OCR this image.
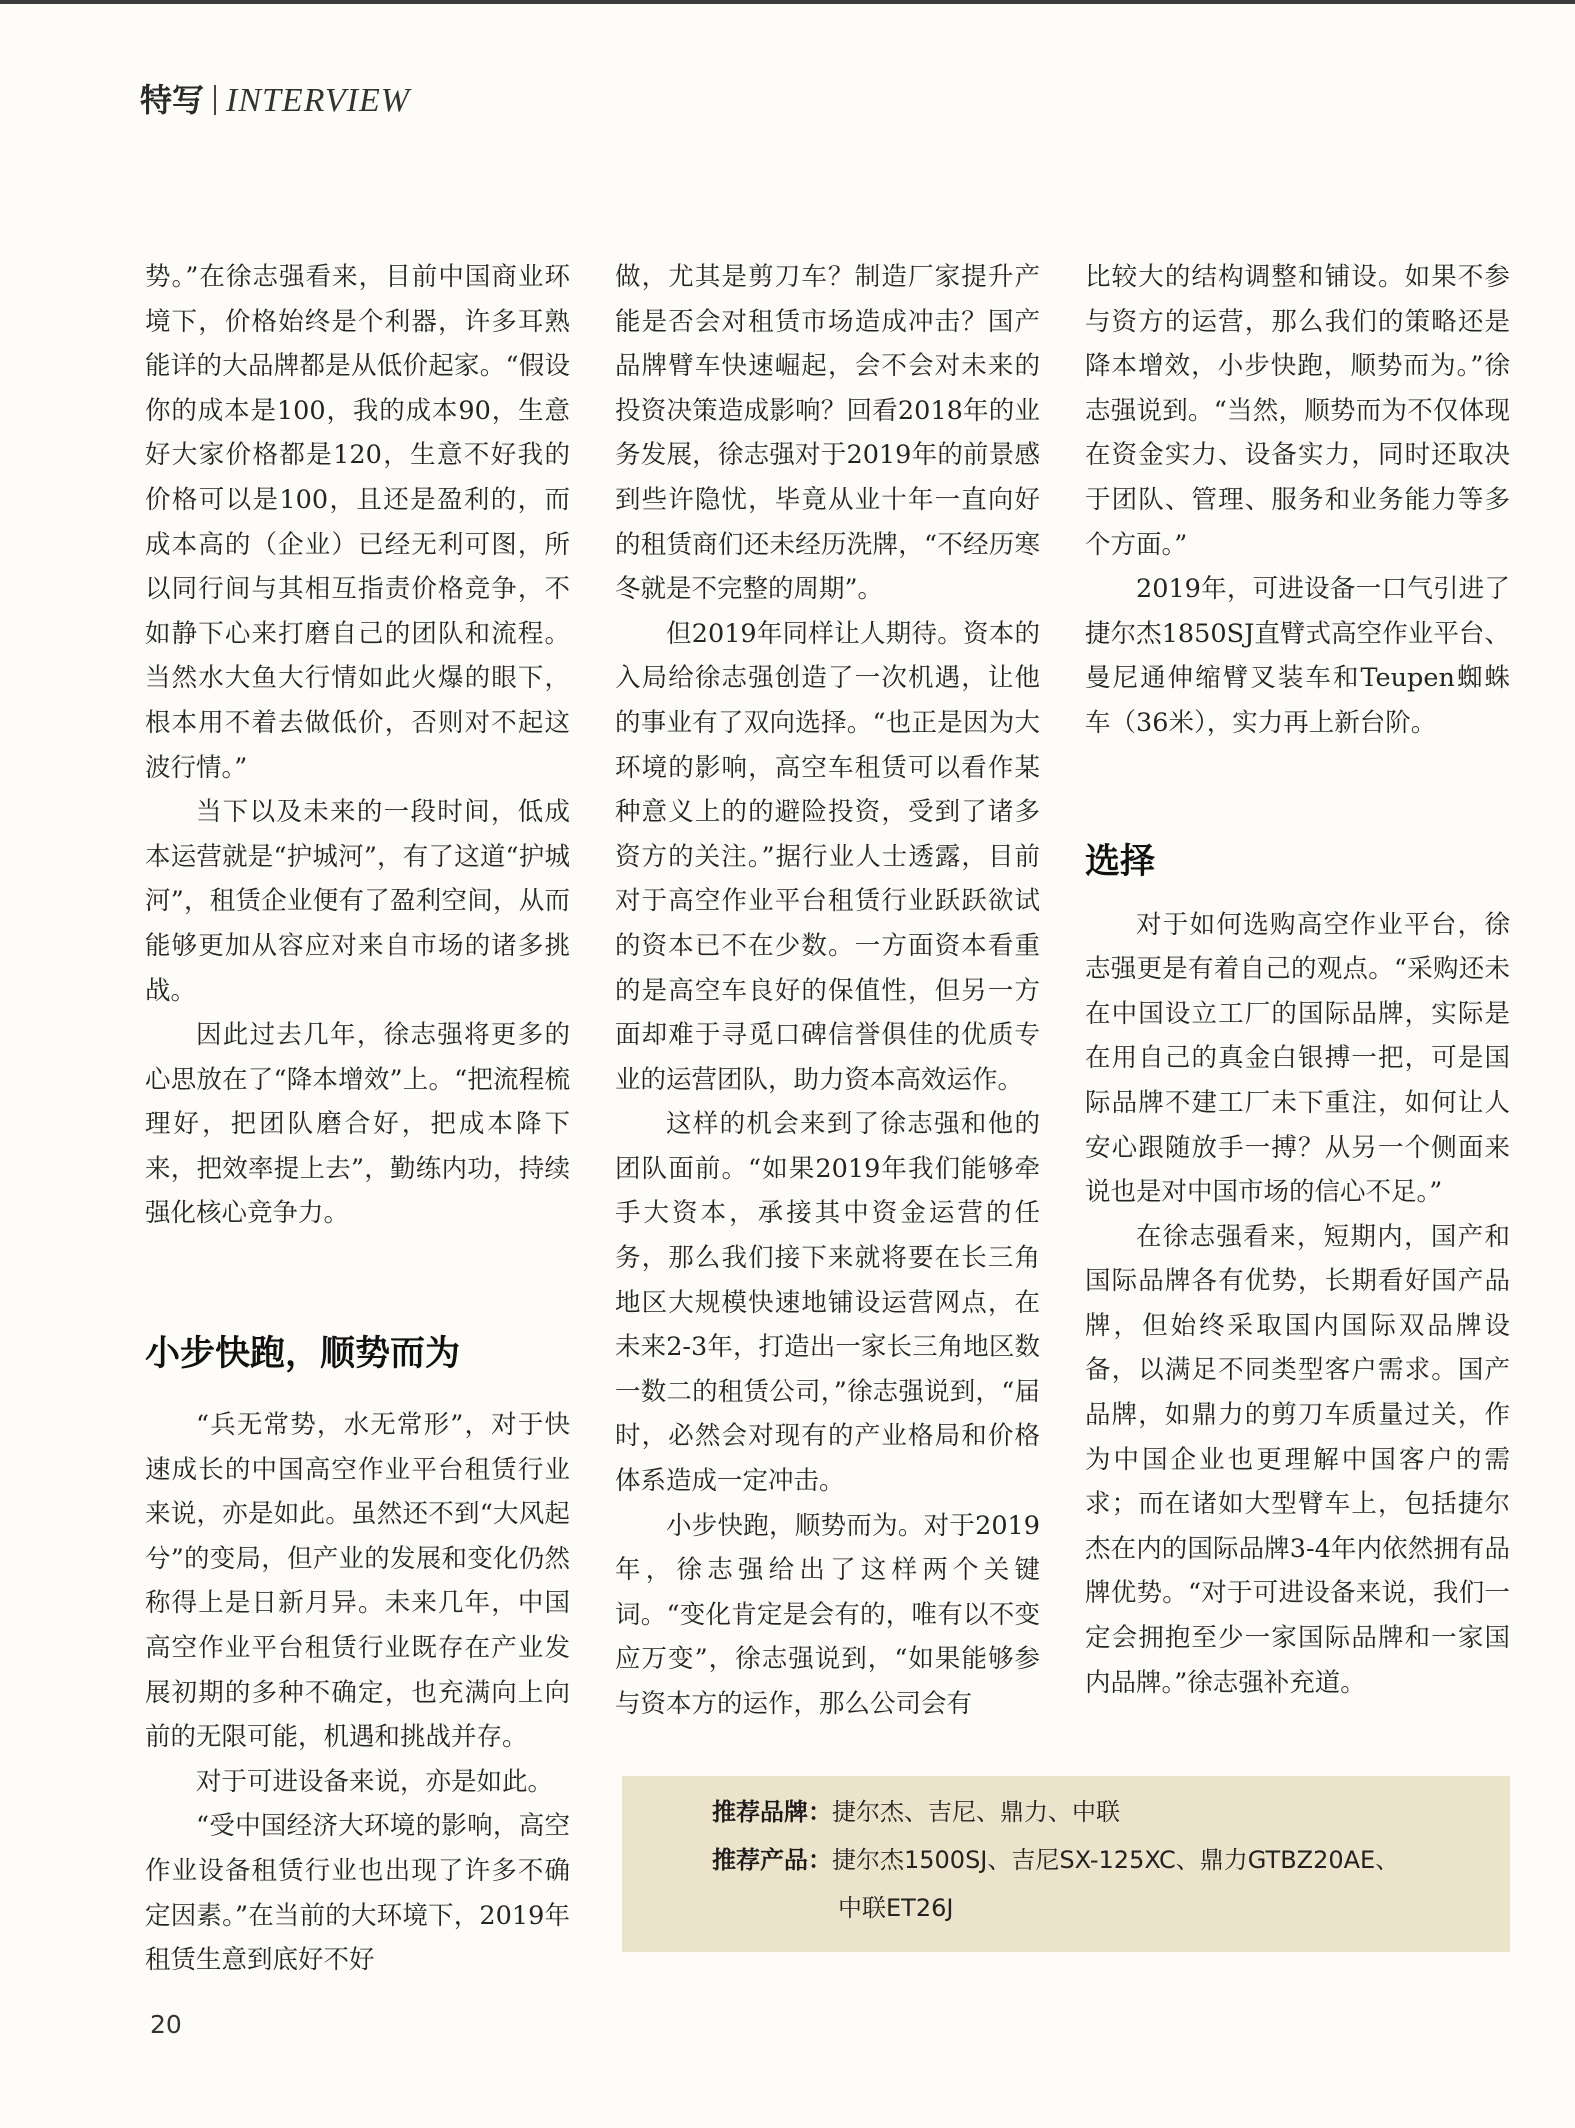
特写 INTERVIEW

势。”在徐志强看来，目前中国商业环境下，价格始终是个利器，许多耳熟能详的大品牌都是从低价起家。“假设你的成本是100，我的成本90，生意好大家价格都是120，生意不好我的价格可以是100，且还是盈利的，而成本高的（企业）已经无利可图，所以同行间与其相互指责价格竞争，不如静下心来打磨自己的团队和流程。当然水大鱼大行情如此火爆的眼下，根本用不着去做低价，否则对不起这波行情。”

当下以及未来的一段时间，低成本运营就是“护城河”，有了这道“护城河”，租赁企业便有了盈利空间，从而能够更加从容应对来自市场的诸多挑战。

因此过去几年，徐志强将更多的心思放在了“降本增效”上。“把流程梳理好，把团队磨合好，把成本降下来，把效率提上去”，勤练内功，持续强化核心竞争力。

小步快跑，顺势而为

“兵无常势，水无常形”，对于快速成长的中国高空作业平台租赁行业来说，亦是如此。虽然还不到“大风起兮”的变局，但产业的发展和变化仍然称得上是日新月异。未来几年，中国高空作业平台租赁行业既存在产业发展初期的多种不确定，也充满向上向前的无限可能，机遇和挑战并存。

对于可进设备来说，亦是如此。

“受中国经济大环境的影响，高空作业设备租赁行业也出现了许多不确定因素。”在当前的大环境下，2019年租赁生意到底好不好

做，尤其是剪刀车？制造厂家提升产能是否会对租赁市场造成冲击？国产品牌臂车快速崛起，会不会对未来的投资决策造成影响？回看2018年的业务发展，徐志强对于2019年的前景感到些许隐忧，毕竟从业十年一直向好的租赁商们还未经历洗牌，“不经历寒冬就是不完整的周期”。

但2019年同样让人期待。资本的入局给徐志强创造了一次机遇，让他的事业有了双向选择。“也正是因为大环境的影响，高空车租赁可以看作某种意义上的的避险投资，受到了诸多资方的关注。”据行业人士透露，目前对于高空作业平台租赁行业跃跃欲试的资本已不在少数。一方面资本看重的是高空车良好的保值性，但另一方面却难于寻觅口碑信誉俱佳的优质专业的运营团队，助力资本高效运作。

这样的机会来到了徐志强和他的团队面前。“如果2019年我们能够牵手大资本，承接其中资金运营的任务，那么我们接下来就将要在长三角地区大规模快速地铺设运营网点，在未来2-3年，打造出一家长三角地区数一数二的租赁公司，”徐志强说到，“届时，必然会对现有的产业格局和价格体系造成一定冲击。

小步快跑，顺势而为。对于2019年，徐志强给出了这样两个关键词。“变化肯定是会有的，唯有以不变应万变”，徐志强说到，“如果能够参与资本方的运作，那么公司会有

比较大的结构调整和铺设。如果不参与资方的运营，那么我们的策略还是降本增效，小步快跑，顺势而为。”徐志强说到。“当然，顺势而为不仅体现在资金实力、设备实力，同时还取决于团队、管理、服务和业务能力等多个方面。”

2019年，可进设备一口气引进了捷尔杰1850SJ直臂式高空作业平台、曼尼通伸缩臂叉装车和Teupen蜘蛛车（36米），实力再上新台阶。

选择

对于如何选购高空作业平台，徐志强更是有着自己的观点。“采购还未在中国设立工厂的国际品牌，实际是在用自己的真金白银搏一把，可是国际品牌不建工厂未下重注，如何让人安心跟随放手一搏？从另一个侧面来说也是对中国市场的信心不足。”

在徐志强看来，短期内，国产和国际品牌各有优势，长期看好国产品牌，但始终采取国内国际双品牌设备，以满足不同类型客户需求。国产品牌，如鼎力的剪刀车质量过关，作为中国企业也更理解中国客户的需求；而在诸如大型臂车上，包括捷尔杰在内的国际品牌3-4年内依然拥有品牌优势。“对于可进设备来说，我们一定会拥抱至少一家国际品牌和一家国内品牌。”徐志强补充道。

推荐品牌：捷尔杰、吉尼、鼎力、中联
推荐产品：捷尔杰1500SJ、吉尼SX-125XC、鼎力GTBZ20AE、
中联ET26J
20
